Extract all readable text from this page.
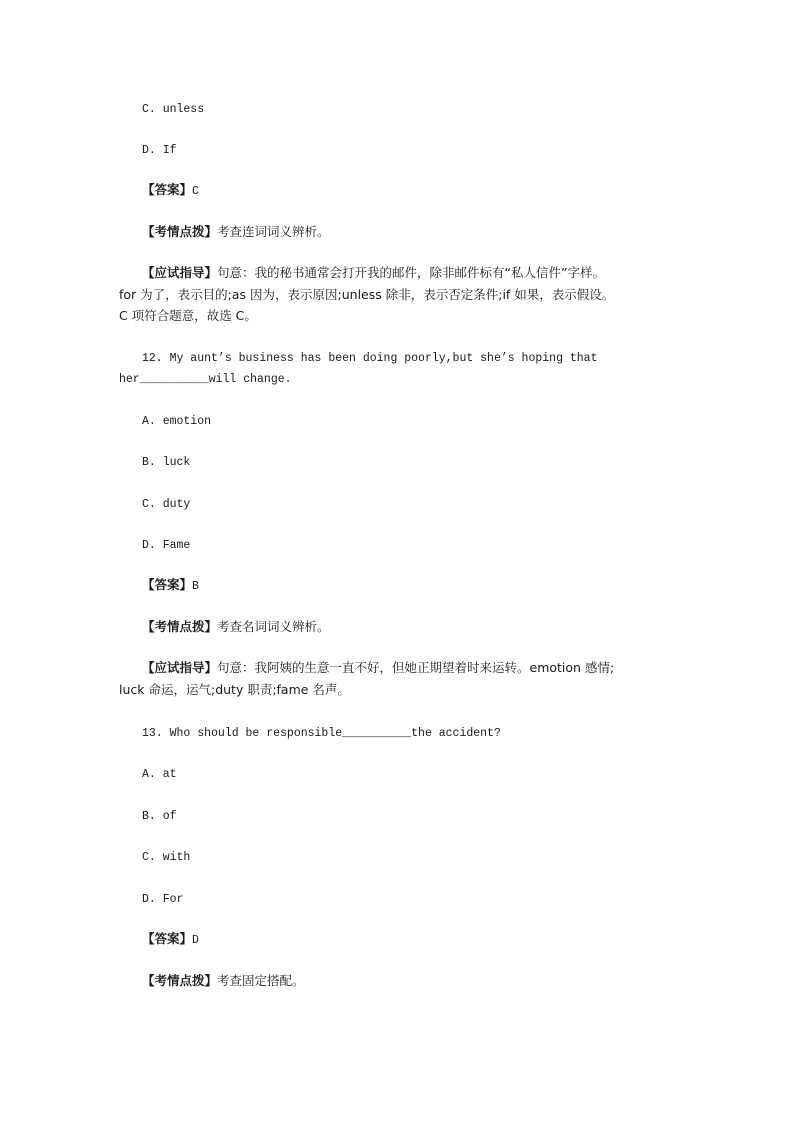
C. unless
D. If
【答案】C
【考情点拨】考查连词词义辨析。
【应试指导】句意：我的秘书通常会打开我的邮件，除非邮件标有“私人信件”字样。
for 为了，表示目的;as 因为，表示原因;unless 除非，表示否定条件;if 如果，表示假设。
C 项符合题意，故选 C。
12. My aunt’s business has been doing poorly,but she’s hoping that
her__________will change.
A. emotion
B. luck
C. duty
D. Fame
【答案】B
【考情点拨】考查名词词义辨析。
【应试指导】句意：我阿姨的生意一直不好，但她正期望着时来运转。emotion 感情;
luck 命运，运气;duty 职责;fame 名声。
13. Who should be responsible__________the accident?
A. at
B. of
C. with
D. For
【答案】D
【考情点拨】考查固定搭配。
